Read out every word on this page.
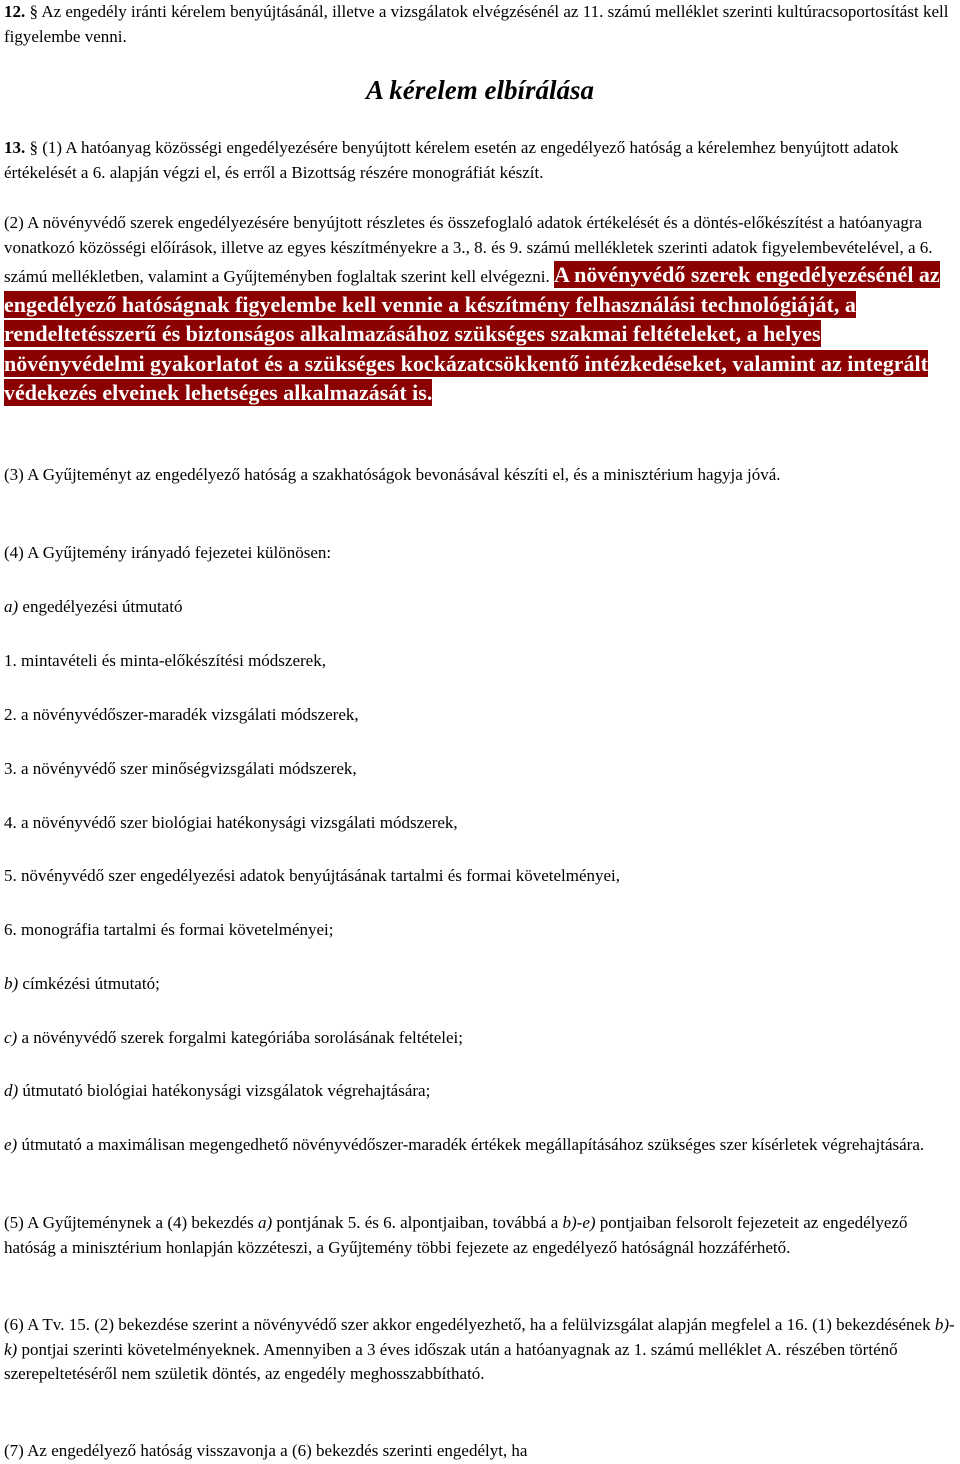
12. § Az engedély iránti kérelem benyújtásánál, illetve a vizsgálatok elvégzésénél az 11. számú melléklet szerinti kultúracsoportosítást kell figyelembe venni.

A kérelem elbírálása

13. § (1) A hatóanyag közösségi engedélyezésére benyújtott kérelem esetén az engedélyező hatóság a kérelemhez benyújtott adatok értékelését a 6. alapján végzi el, és erről a Bizottság részére monográfiát készít.

(2) A növényvédő szerek engedélyezésére benyújtott részletes és összefoglaló adatok értékelését és a döntés-előkészítést a hatóanyagra vonatkozó közösségi előírások, illetve az egyes készítményekre a 3., 8. és 9. számú mellékletek szerinti adatok figyelembevételével, a 6. számú mellékletben, valamint a Gyűjteményben foglaltak szerint kell elvégezni. A növényvédő szerek engedélyezésénél az engedélyező hatóságnak figyelembe kell vennie a készítmény felhasználási technológiáját, a rendeltetésszerű és biztonságos alkalmazásához szükséges szakmai feltételeket, a helyes növényvédelmi gyakorlatot és a szükséges kockázatcsökkentő intézkedéseket, valamint az integrált védekezés elveinek lehetséges alkalmazását is.

(3) A Gyűjteményt az engedélyező hatóság a szakhatóságok bevonásával készíti el, és a minisztérium hagyja jóvá.

(4) A Gyűjtemény irányadó fejezetei különösen:

a) engedélyezési útmutató

1. mintavételi és minta-előkészítési módszerek,

2. a növényvédőszer-maradék vizsgálati módszerek,

3. a növényvédő szer minőségvizsgálati módszerek,

4. a növényvédő szer biológiai hatékonysági vizsgálati módszerek,

5. növényvédő szer engedélyezési adatok benyújtásának tartalmi és formai követelményei,

6. monográfia tartalmi és formai követelményei;

b) címkézési útmutató;

c) a növényvédő szerek forgalmi kategóriába sorolásának feltételei;

d) útmutató biológiai hatékonysági vizsgálatok végrehajtására;

e) útmutató a maximálisan megengedhető növényvédőszer-maradék értékek megállapításához szükséges szer kísérletek végrehajtására.

(5) A Gyűjteménynek a (4) bekezdés a) pontjának 5. és 6. alpontjaiban, továbbá a b)-e) pontjaiban felsorolt fejezeteit az engedélyező hatóság a minisztérium honlapján közzéteszi, a Gyűjtemény többi fejezete az engedélyező hatóságnál hozzáférhető.

(6) A Tv. 15. (2) bekezdése szerint a növényvédő szer akkor engedélyezhető, ha a felülvizsgálat alapján megfelel a 16. (1) bekezdésének b)-k) pontjai szerinti követelményeknek. Amennyiben a 3 éves időszak után a hatóanyagnak az 1. számú melléklet A. részében történő szerepeltetéséről nem születik döntés, az engedély meghosszabbítható.

(7) Az engedélyező hatóság visszavonja a (6) bekezdés szerinti engedélyt, ha
